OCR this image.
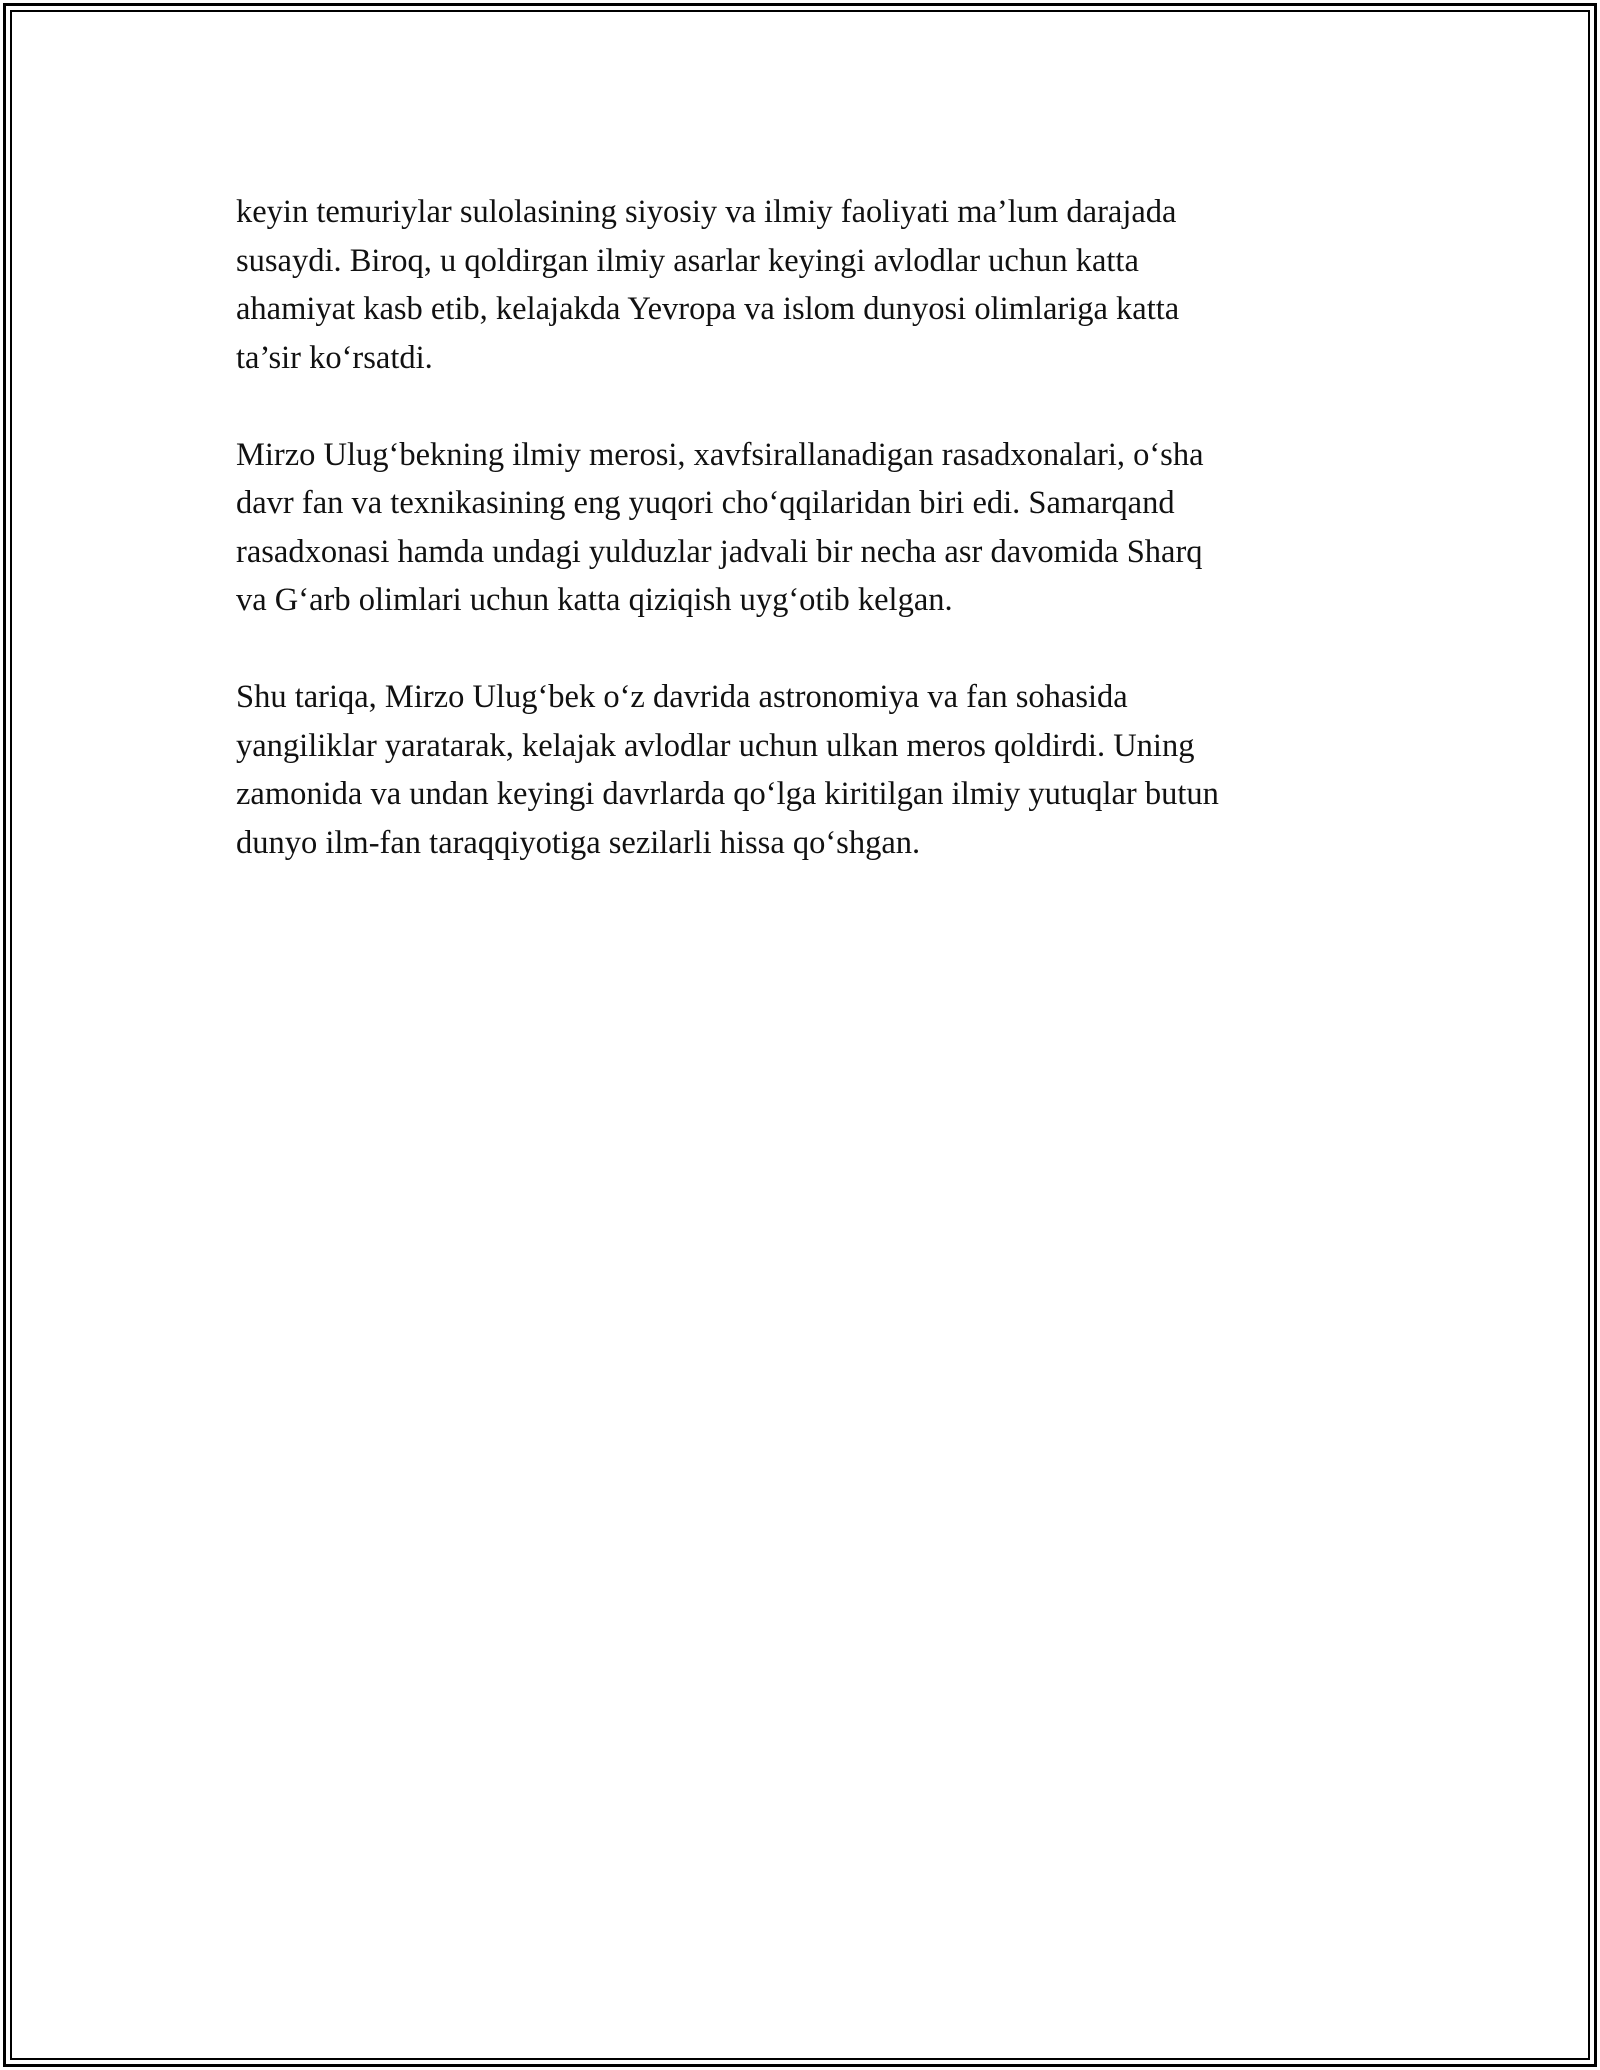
keyin temuriylar sulolasining siyosiy va ilmiy faoliyati ma’lum darajada
susaydi. Biroq, u qoldirgan ilmiy asarlar keyingi avlodlar uchun katta
ahamiyat kasb etib, kelajakda Yevropa va islom dunyosi olimlariga katta
ta’sir ko‘rsatdi.

Mirzo Ulug‘bekning ilmiy merosi, xavfsirallanadigan rasadxonalari, o‘sha
davr fan va texnikasining eng yuqori cho‘qqilaridan biri edi. Samarqand
rasadxonasi hamda undagi yulduzlar jadvali bir necha asr davomida Sharq
va G‘arb olimlari uchun katta qiziqish uyg‘otib kelgan.

Shu tariqa, Mirzo Ulug‘bek o‘z davrida astronomiya va fan sohasida
yangiliklar yaratarak, kelajak avlodlar uchun ulkan meros qoldirdi. Uning
zamonida va undan keyingi davrlarda qo‘lga kiritilgan ilmiy yutuqlar butun
dunyo ilm-fan taraqqiyotiga sezilarli hissa qo‘shgan.
